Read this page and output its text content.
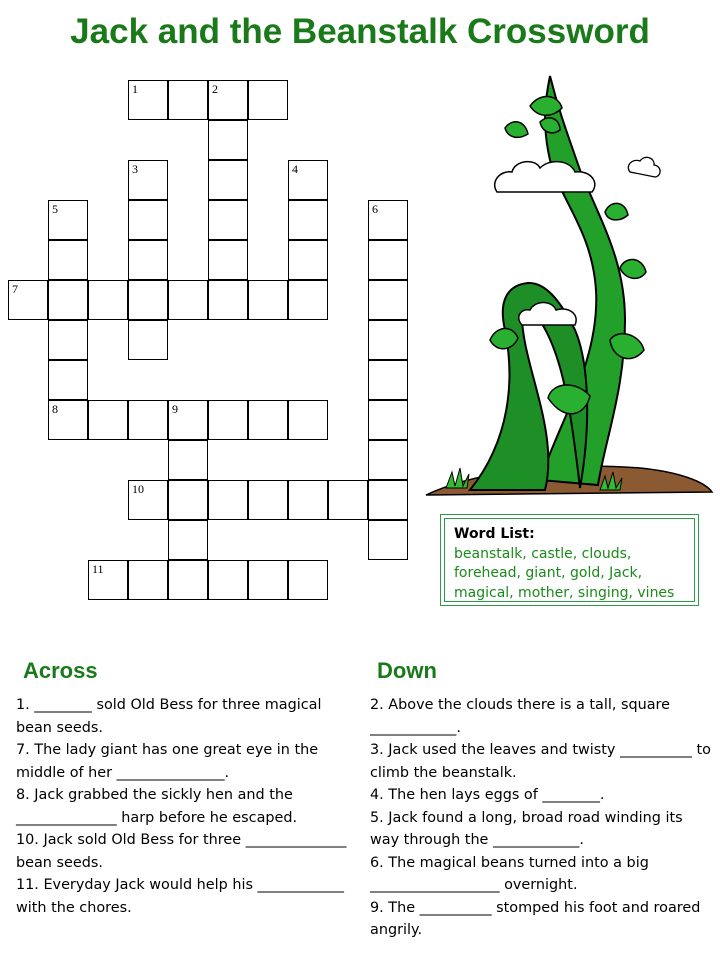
Jack and the Beanstalk Crossword
1	2
3	4
5	6
7
8	9
10
11
Word List:
beanstalk, castle, clouds,
forehead, giant, gold, Jack,
magical, mother, singing, vines
Across

1. ________ sold Old Bess for three magical bean seeds.

7. The lady giant has one great eye in the middle of her _______________.

8. Jack grabbed the sickly hen and the ______________ harp before he escaped.

10. Jack sold Old Bess for three ______________ bean seeds.

11. Everyday Jack would help his ____________ with the chores.

Down

2. Above the clouds there is a tall, square ____________.

3. Jack used the leaves and twisty __________ to climb the beanstalk.

4. The hen lays eggs of ________.

5. Jack found a long, broad road winding its way through the ____________.

6. The magical beans turned into a big __________________ overnight.

9. The __________ stomped his foot and roared angrily.
